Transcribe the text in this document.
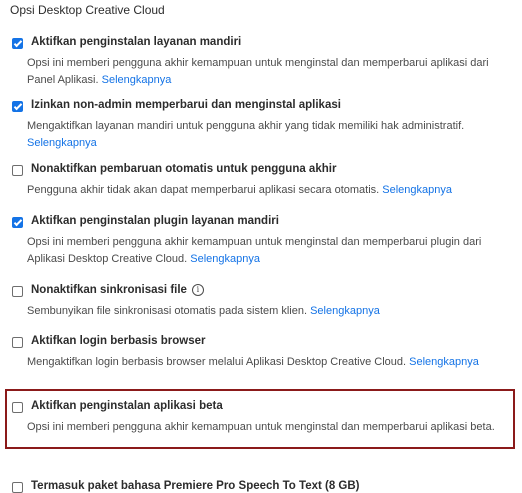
Opsi Desktop Creative Cloud
Aktifkan penginstalan layanan mandiri
Opsi ini memberi pengguna akhir kemampuan untuk menginstal dan memperbarui aplikasi dari
Panel Aplikasi. Selengkapnya
Izinkan non-admin memperbarui dan menginstal aplikasi
Mengaktifkan layanan mandiri untuk pengguna akhir yang tidak memiliki hak administratif.
Selengkapnya
Nonaktifkan pembaruan otomatis untuk pengguna akhir
Pengguna akhir tidak akan dapat memperbarui aplikasi secara otomatis. Selengkapnya
Aktifkan penginstalan plugin layanan mandiri
Opsi ini memberi pengguna akhir kemampuan untuk menginstal dan memperbarui plugin dari
Aplikasi Desktop Creative Cloud. Selengkapnya
Nonaktifkan sinkronisasi file i
Sembunyikan file sinkronisasi otomatis pada sistem klien. Selengkapnya
Aktifkan login berbasis browser
Mengaktifkan login berbasis browser melalui Aplikasi Desktop Creative Cloud. Selengkapnya
Aktifkan penginstalan aplikasi beta
Opsi ini memberi pengguna akhir kemampuan untuk menginstal dan memperbarui aplikasi beta.
Termasuk paket bahasa Premiere Pro Speech To Text (8 GB)
